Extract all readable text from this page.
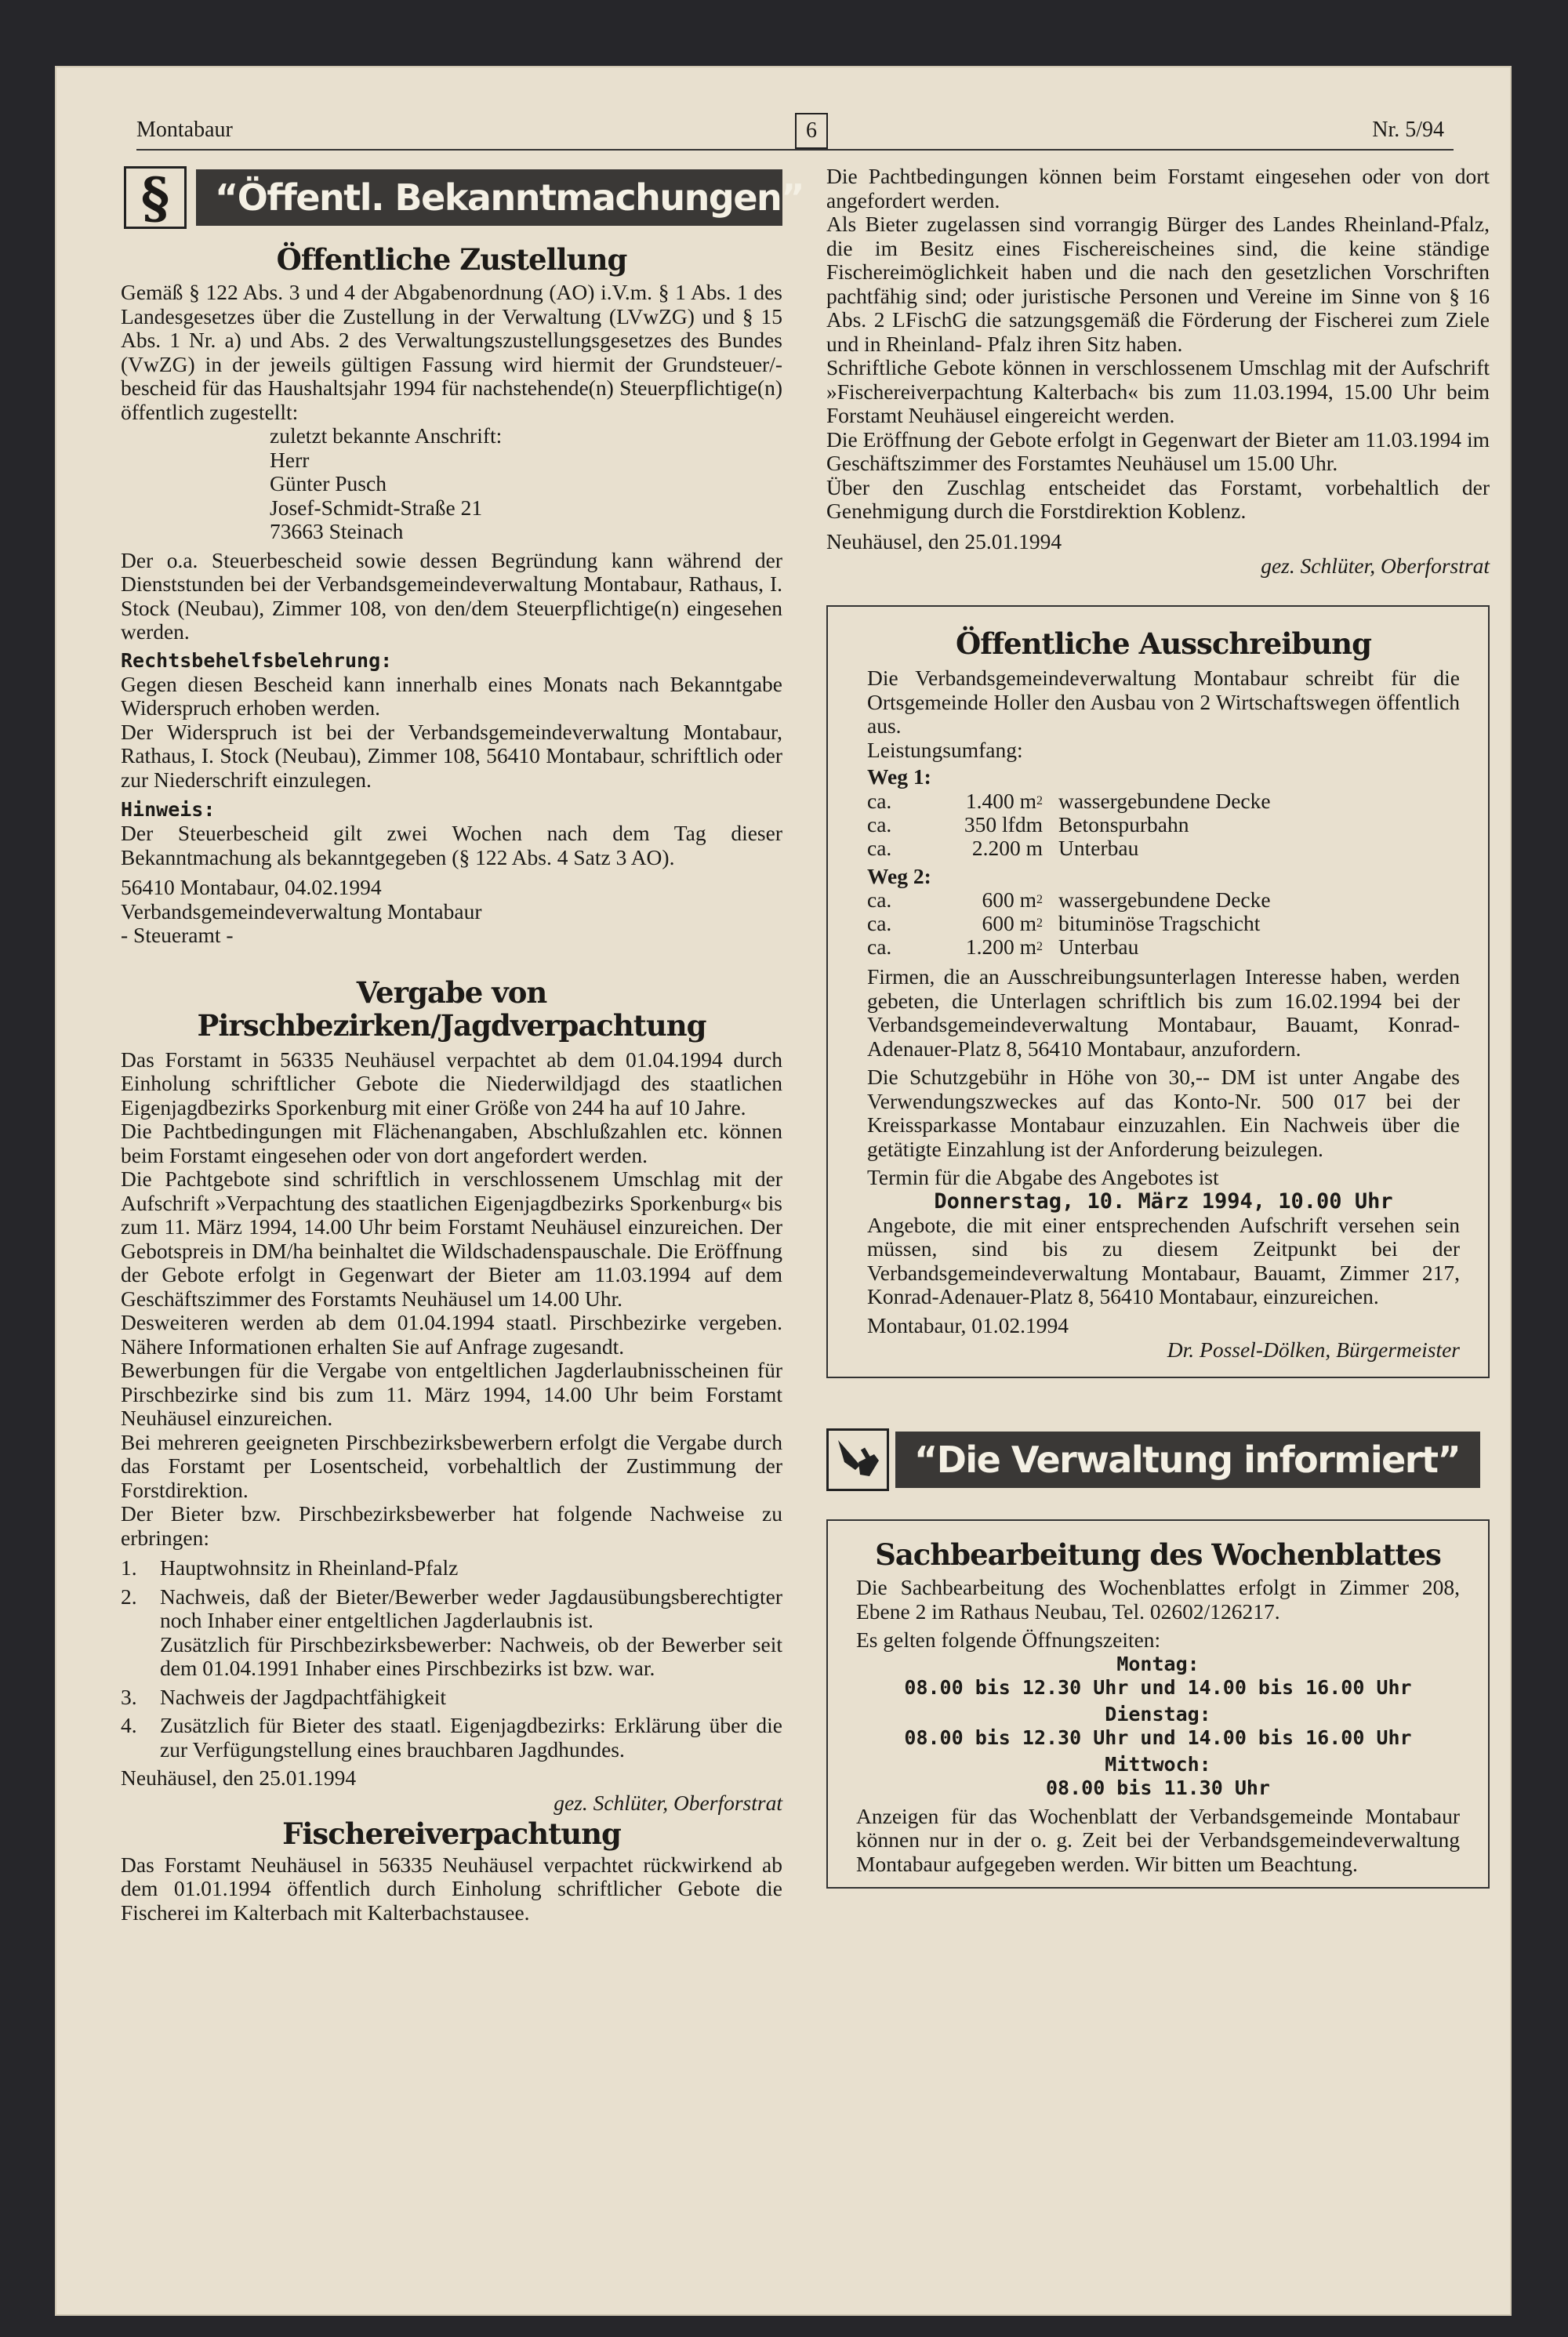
Montabaur	6	Nr. 5/94
§	“Öffentl. Bekanntmachungen”

Öffentliche Zustellung

Gemäß § 122 Abs. 3 und 4 der Abgabenordnung (AO) i.V.m. § 1 Abs. 1 des Landesgesetzes über die Zustellung in der Verwaltung (LVwZG) und § 15 Abs. 1 Nr. a) und Abs. 2 des Verwaltungszustellungsgesetzes des Bundes (VwZG) in der jeweils gültigen Fassung wird hiermit der Grundsteuer/-bescheid für das Haushaltsjahr 1994 für nachstehende(n) Steuerpflichtige(n) öffentlich zugestellt:

zuletzt bekannte Anschrift:
Herr
Günter Pusch
Josef-Schmidt-Straße 21
73663 Steinach

Der o.a. Steuerbescheid sowie dessen Begründung kann während der Dienststunden bei der Verbandsgemeindeverwaltung Montabaur, Rathaus, I. Stock (Neubau), Zimmer 108, von den/dem Steuerpflichtige(n) eingesehen werden.

Rechtsbehelfsbelehrung:

Gegen diesen Bescheid kann innerhalb eines Monats nach Bekanntgabe Widerspruch erhoben werden.

Der Widerspruch ist bei der Verbandsgemeindeverwaltung Montabaur, Rathaus, I. Stock (Neubau), Zimmer 108, 56410 Montabaur, schriftlich oder zur Niederschrift einzulegen.

Hinweis:

Der Steuerbescheid gilt zwei Wochen nach dem Tag dieser Bekanntmachung als bekanntgegeben (§ 122 Abs. 4 Satz 3 AO).

56410 Montabaur, 04.02.1994

Verbandsgemeindeverwaltung Montabaur

- Steueramt -

Vergabe von

Pirschbezirken/Jagdverpachtung

Das Forstamt in 56335 Neuhäusel verpachtet ab dem 01.04.1994 durch Einholung schriftlicher Gebote die Niederwildjagd des staatlichen Eigenjagdbezirks Sporkenburg mit einer Größe von 244 ha auf 10 Jahre.

Die Pachtbedingungen mit Flächenangaben, Abschlußzahlen etc. können beim Forstamt eingesehen oder von dort angefordert werden.

Die Pachtgebote sind schriftlich in verschlossenem Umschlag mit der Aufschrift »Verpachtung des staatlichen Eigenjagdbezirks Sporkenburg« bis zum 11. März 1994, 14.00 Uhr beim Forstamt Neuhäusel einzureichen. Der Gebotspreis in DM/ha beinhaltet die Wildschadenspauschale. Die Eröffnung der Gebote erfolgt in Gegenwart der Bieter am 11.03.1994 auf dem Geschäftszimmer des Forstamts Neuhäusel um 14.00 Uhr.

Desweiteren werden ab dem 01.04.1994 staatl. Pirschbezirke vergeben. Nähere Informationen erhalten Sie auf Anfrage zugesandt.

Bewerbungen für die Vergabe von entgeltlichen Jagderlaubnisscheinen für Pirschbezirke sind bis zum 11. März 1994, 14.00 Uhr beim Forstamt Neuhäusel einzureichen.

Bei mehreren geeigneten Pirschbezirksbewerbern erfolgt die Vergabe durch das Forstamt per Losentscheid, vorbehaltlich der Zustimmung der Forstdirektion.

Der Bieter bzw. Pirschbezirksbewerber hat folgende Nachweise zu erbringen:

1. Hauptwohnsitz in Rheinland-Pfalz
2. Nachweis, daß der Bieter/Bewerber weder Jagdausübungsberechtigter noch Inhaber einer entgeltlichen Jagderlaubnis ist.
Zusätzlich für Pirschbezirksbewerber: Nachweis, ob der Bewerber seit dem 01.04.1991 Inhaber eines Pirschbezirks ist bzw. war.
3. Nachweis der Jagdpachtfähigkeit
4. Zusätzlich für Bieter des staatl. Eigenjagdbezirks: Erklärung über die zur Verfügungstellung eines brauchbaren Jagdhundes.

Neuhäusel, den 25.01.1994

gez. Schlüter, Oberforstrat

Fischereiverpachtung

Das Forstamt Neuhäusel in 56335 Neuhäusel verpachtet rückwirkend ab dem 01.01.1994 öffentlich durch Einholung schriftlicher Gebote die Fischerei im Kalterbach mit Kalterbachstausee.

Die Pachtbedingungen können beim Forstamt eingesehen oder von dort angefordert werden.

Als Bieter zugelassen sind vorrangig Bürger des Landes Rheinland-Pfalz, die im Besitz eines Fischereischeines sind, die keine ständige Fischereimöglichkeit haben und die nach den gesetzlichen Vorschriften pachtfähig sind; oder juristische Personen und Vereine im Sinne von § 16 Abs. 2 LFischG die satzungsgemäß die Förderung der Fischerei zum Ziele und in Rheinland- Pfalz ihren Sitz haben.

Schriftliche Gebote können in verschlossenem Umschlag mit der Aufschrift »Fischereiverpachtung Kalterbach« bis zum 11.03.1994, 15.00 Uhr beim Forstamt Neuhäusel eingereicht werden.

Die Eröffnung der Gebote erfolgt in Gegenwart der Bieter am 11.03.1994 im Geschäftszimmer des Forstamtes Neuhäusel um 15.00 Uhr.

Über den Zuschlag entscheidet das Forstamt, vorbehaltlich der Genehmigung durch die Forstdirektion Koblenz.

Neuhäusel, den 25.01.1994

gez. Schlüter, Oberforstrat

Öffentliche Ausschreibung

Die Verbandsgemeindeverwaltung Montabaur schreibt für die Ortsgemeinde Holler den Ausbau von 2 Wirtschaftswegen öffentlich aus.

Leistungsumfang:

Weg 1:

ca.	1.400 $m^2$	wassergebundene Decke
ca.	350 lfdm	Betonspurbahn
ca.	2.200 m	Unterbau

Weg 2:

ca.	600 $m^2$	wassergebundene Decke
ca.	600 $m^2$	bituminöse Tragschicht
ca.	1.200 $m^2$	Unterbau

Firmen, die an Ausschreibungsunterlagen Interesse haben, werden gebeten, die Unterlagen schriftlich bis zum 16.02.1994 bei der Verbandsgemeindeverwaltung Montabaur, Bauamt, Konrad-Adenauer-Platz 8, 56410 Montabaur, anzufordern.

Die Schutzgebühr in Höhe von 30,-- DM ist unter Angabe des Verwendungszweckes auf das Konto-Nr. 500 017 bei der Kreissparkasse Montabaur einzuzahlen. Ein Nachweis über die getätigte Einzahlung ist der Anforderung beizulegen.

Termin für die Abgabe des Angebotes ist

Donnerstag, 10. März 1994, 10.00 Uhr

Angebote, die mit einer entsprechenden Aufschrift versehen sein müssen, sind bis zu diesem Zeitpunkt bei der Verbandsgemeindeverwaltung Montabaur, Bauamt, Zimmer 217, Konrad-Adenauer-Platz 8, 56410 Montabaur, einzureichen.

Montabaur, 01.02.1994

Dr. Possel-Dölken, Bürgermeister

“Die Verwaltung informiert”

Sachbearbeitung des Wochenblattes

Die Sachbearbeitung des Wochenblattes erfolgt in Zimmer 208, Ebene 2 im Rathaus Neubau, Tel. 02602/126217.

Es gelten folgende Öffnungszeiten:

Montag:

08.00 bis 12.30 Uhr und 14.00 bis 16.00 Uhr

Dienstag:

08.00 bis 12.30 Uhr und 14.00 bis 16.00 Uhr

Mittwoch:

08.00 bis 11.30 Uhr

Anzeigen für das Wochenblatt der Verbandsgemeinde Montabaur können nur in der o. g. Zeit bei der Verbandsgemeindeverwaltung Montabaur aufgegeben werden. Wir bitten um Beachtung.
